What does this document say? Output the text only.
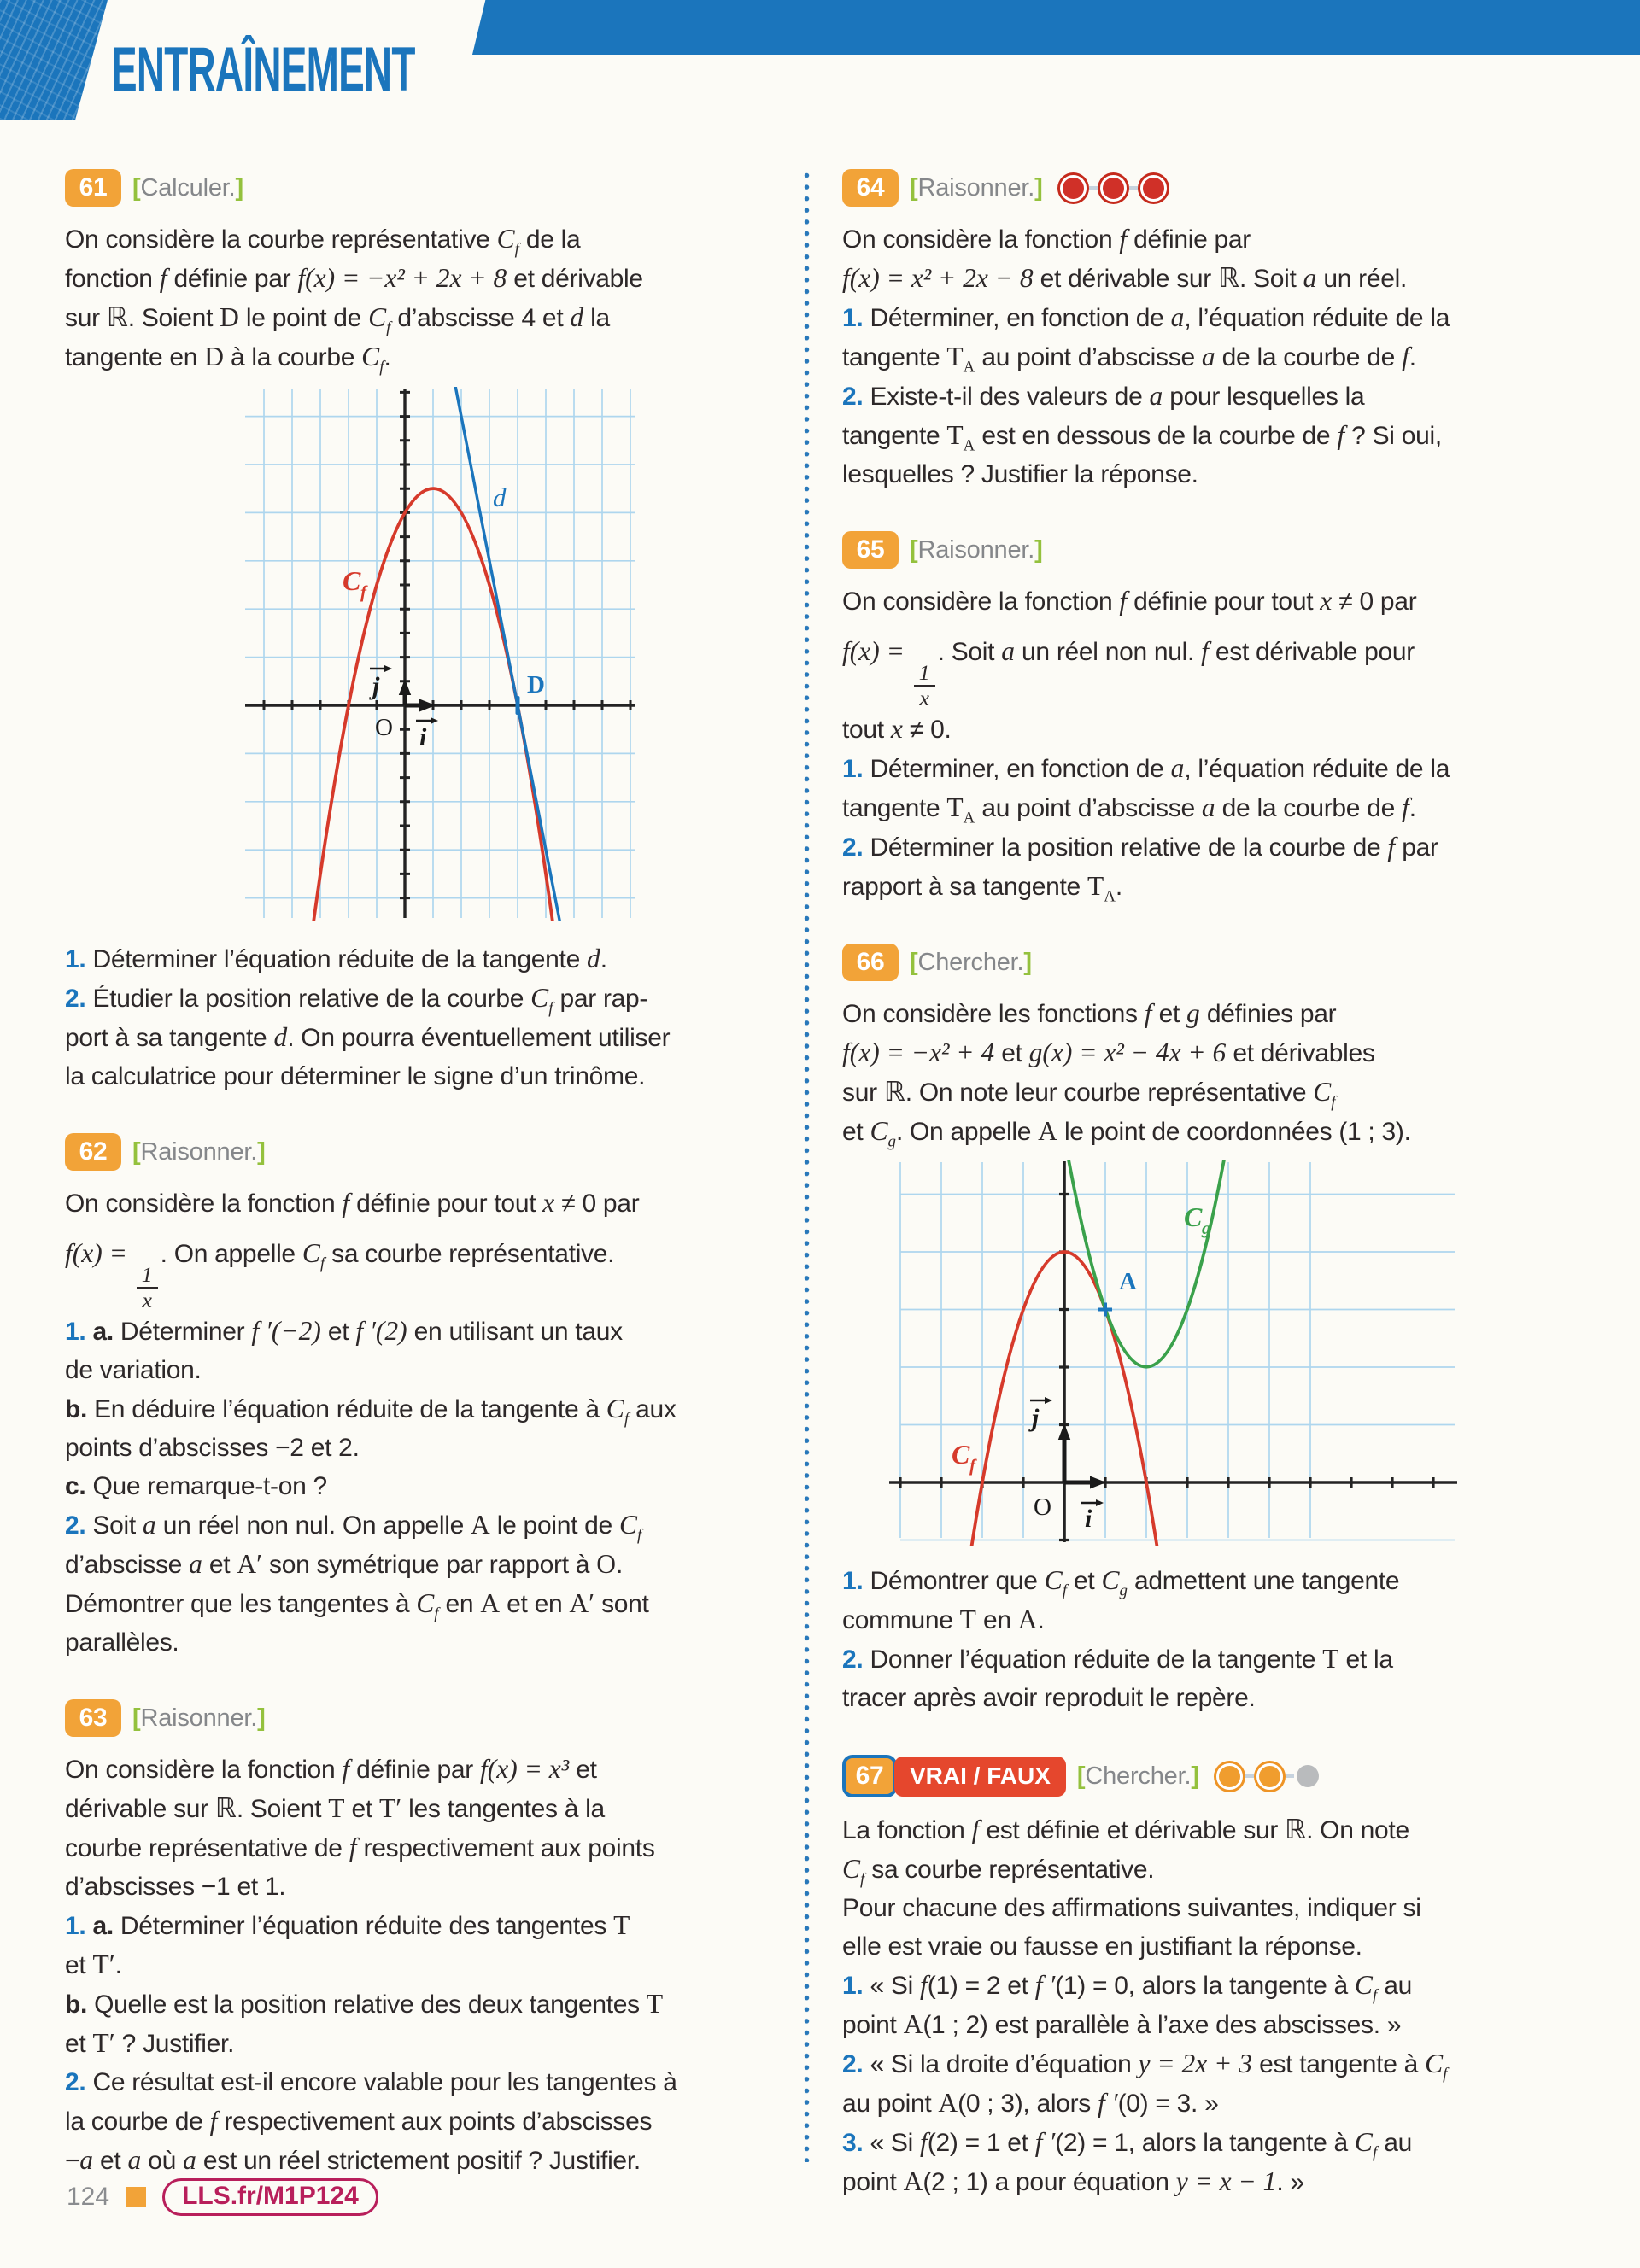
ENTRAÎNEMENT
61	[Calculer.]
On considère la courbe représentative $C_f$ de la
fonction f définie par f(x) = −x² + 2x + 8 et dérivable
sur ℝ. Soient D le point de $C_f$ d’abscisse 4 et d la
tangente en D à la courbe $C_f$.
$C_f$
d
D
O
j
i
1. Déterminer l’équation réduite de la tangente d.
2. Étudier la position relative de la courbe $C_f$ par rap-
port à sa tangente d. On pourra éventuellement utiliser
la calculatrice pour déterminer le signe d’un trinôme.
62	[Raisonner.]
On considère la fonction f définie pour tout x ≠ 0 par
f(x) =
$\frac{1}{x}$
. On appelle $C_f$ sa courbe représentative.
1. a. Déterminer f ′(−2) et f ′(2) en utilisant un taux
de variation.
b. En déduire l’équation réduite de la tangente à $C_f$ aux
points d’abscisses −2 et 2.
c. Que remarque-t-on ?
2. Soit a un réel non nul. On appelle A le point de $C_f$
d’abscisse a et A′ son symétrique par rapport à O.
Démontrer que les tangentes à $C_f$ en A et en A′ sont
parallèles.
63	[Raisonner.]
On considère la fonction f définie par f(x) = x³ et
dérivable sur ℝ. Soient T et T′ les tangentes à la
courbe représentative de f respectivement aux points
d’abscisses −1 et 1.
1. a. Déterminer l’équation réduite des tangentes T
et T′.
b. Quelle est la position relative des deux tangentes T
et T′ ? Justifier.
2. Ce résultat est-il encore valable pour les tangentes à
la courbe de f respectivement aux points d’abscisses
−a et a où a est un réel strictement positif ? Justifier.
64	[Raisonner.]
On considère la fonction f définie par
f(x) = x² + 2x − 8 et dérivable sur ℝ. Soit a un réel.
1. Déterminer, en fonction de a, l’équation réduite de la
tangente $T_A$ au point d’abscisse a de la courbe de f.
2. Existe-t-il des valeurs de a pour lesquelles la
tangente $T_A$ est en dessous de la courbe de f ? Si oui,
lesquelles ? Justifier la réponse.
65	[Raisonner.]
On considère la fonction f définie pour tout x ≠ 0 par
f(x) =
$\frac{1}{x}$
. Soit a un réel non nul. f est dérivable pour
tout x ≠ 0.
1. Déterminer, en fonction de a, l’équation réduite de la
tangente $T_A$ au point d’abscisse a de la courbe de f.
2. Déterminer la position relative de la courbe de f par
rapport à sa tangente $T_A$.
66	[Chercher.]
On considère les fonctions f et g définies par
f(x) = −x² + 4 et g(x) = x² − 4x + 6 et dérivables
sur ℝ. On note leur courbe représentative $C_f$
et $C_g$. On appelle A le point de coordonnées (1 ; 3).
$C_g$
A
$C_f$
O
j
i
1. Démontrer que $C_f$ et $C_g$ admettent une tangente
commune T en A.
2. Donner l’équation réduite de la tangente T et la
tracer après avoir reproduit le repère.
67	VRAI / FAUX	[Chercher.]
La fonction f est définie et dérivable sur ℝ. On note
$C_f$ sa courbe représentative.
Pour chacune des affirmations suivantes, indiquer si
elle est vraie ou fausse en justifiant la réponse.
1. « Si f(1) = 2 et f ′(1) = 0, alors la tangente à $C_f$ au
point A(1 ; 2) est parallèle à l’axe des abscisses. »
2. « Si la droite d’équation y = 2x + 3 est tangente à $C_f$
au point A(0 ; 3), alors f ′(0) = 3. »
3. « Si f(2) = 1 et f ′(2) = 1, alors la tangente à $C_f$ au
point A(2 ; 1) a pour équation y = x − 1. »
124	LLS.fr/M1P124
